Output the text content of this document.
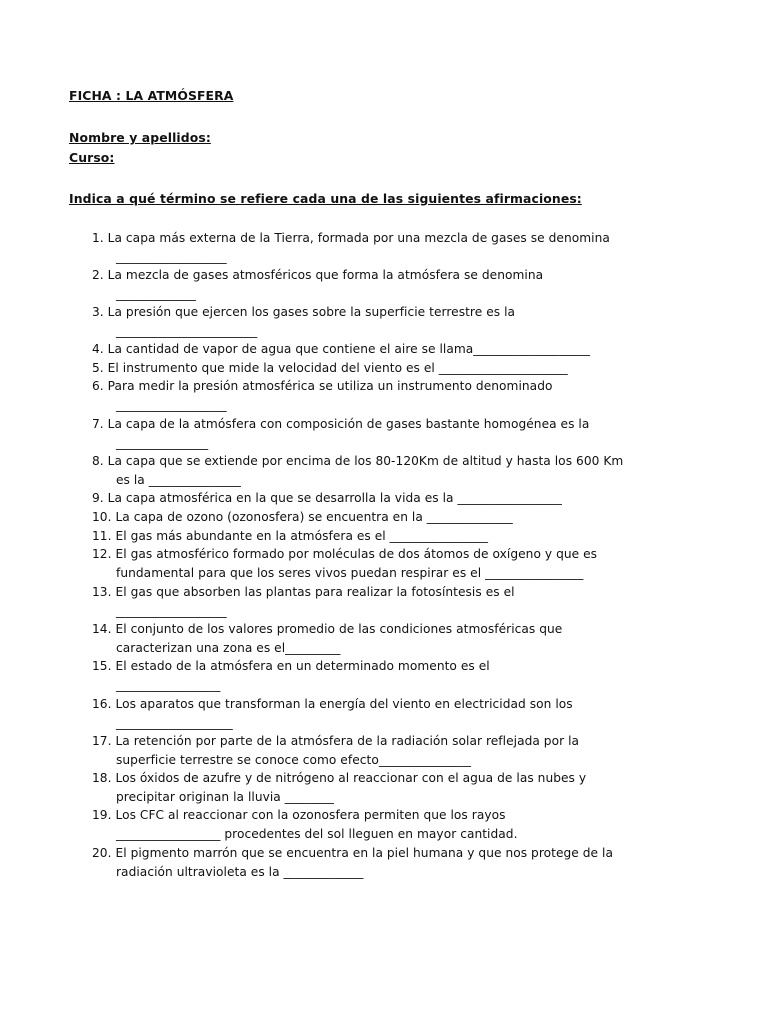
FICHA : LA ATMÓSFERA
Nombre y apellidos:
Curso:
Indica a qué término se refiere cada una de las siguientes afirmaciones:
1. La capa más externa de la Tierra, formada por una mezcla de gases se denomina
__________________
2. La mezcla de gases atmosféricos que forma la atmósfera se denomina
_____________
3. La presión que ejercen los gases sobre la superficie terrestre es la
_______________________
4. La cantidad de vapor de agua que contiene el aire se llama___________________
5. El instrumento que mide la velocidad del viento es el _____________________
6. Para medir la presión atmosférica se utiliza un instrumento denominado
__________________
7. La capa de la atmósfera con composición de gases bastante homogénea es la
_______________
8. La capa que se extiende por encima de los 80-120Km de altitud y hasta los 600 Km
es la _______________
9. La capa atmosférica en la que se desarrolla la vida es la _________________
10. La capa de ozono (ozonosfera) se encuentra en la ______________
11. El gas más abundante en la atmósfera es el ________________
12. El gas atmosférico formado por moléculas de dos átomos de oxígeno y que es
fundamental para que los seres vivos puedan respirar es el ________________
13. El gas que absorben las plantas para realizar la fotosíntesis es el
__________________
14. El conjunto de los valores promedio de las condiciones atmosféricas que
caracterizan una zona es el_________
15. El estado de la atmósfera en un determinado momento es el
_________________
16. Los aparatos que transforman la energía del viento en electricidad son los
___________________
17. La retención por parte de la atmósfera de la radiación solar reflejada por la
superficie terrestre se conoce como efecto_______________
18. Los óxidos de azufre y de nitrógeno al reaccionar con el agua de las nubes y
precipitar originan la lluvia ________
19. Los CFC al reaccionar con la ozonosfera permiten que los rayos
_________________ procedentes del sol lleguen en mayor cantidad.
20. El pigmento marrón que se encuentra en la piel humana y que nos protege de la
radiación ultravioleta es la _____________
